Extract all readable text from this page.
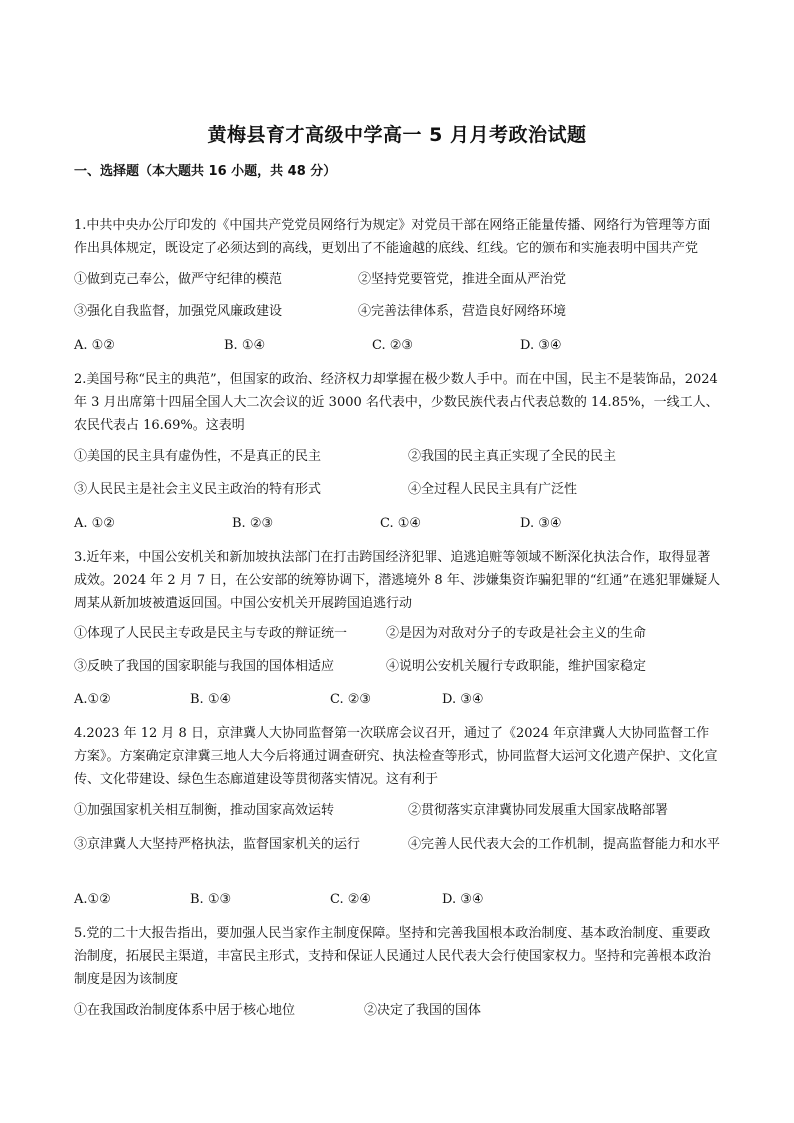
黄梅县育才高级中学高一 5 月月考政治试题
一、选择题（本大题共 16 小题，共 48 分）
1.中共中央办公厅印发的《中国共产党党员网络行为规定》对党员干部在网络正能量传播、网络行为管理等方面作出具体规定，既设定了必须达到的高线，更划出了不能逾越的底线、红线。它的颁布和实施表明中国共产党
①做到克己奉公，做严守纪律的模范	②坚持党要管党，推进全面从严治党
③强化自我监督，加强党风廉政建设	④完善法律体系，营造良好网络环境
A. ①②	B. ①④	C. ②③	D. ③④
2.美国号称“民主的典范”，但国家的政治、经济权力却掌握在极少数人手中。而在中国，民主不是装饰品，2024 年 3 月出席第十四届全国人大二次会议的近 3000 名代表中，少数民族代表占代表总数的 14.85%，一线工人、农民代表占 16.69%。这表明
①美国的民主具有虚伪性，不是真正的民主	②我国的民主真正实现了全民的民主
③人民民主是社会主义民主政治的特有形式	④全过程人民民主具有广泛性
A. ①②	B. ②③	C. ①④	D. ③④
3.近年来，中国公安机关和新加坡执法部门在打击跨国经济犯罪、追逃追赃等领域不断深化执法合作，取得显著成效。2024 年 2 月 7 日，在公安部的统筹协调下，潜逃境外 8 年、涉嫌集资诈骗犯罪的“红通”在逃犯罪嫌疑人周某从新加坡被遣返回国。中国公安机关开展跨国追逃行动
①体现了人民民主专政是民主与专政的辩证统一	②是因为对敌对分子的专政是社会主义的生命
③反映了我国的国家职能与我国的国体相适应	④说明公安机关履行专政职能，维护国家稳定
A.①②	B. ①④	C. ②③	D. ③④
4.2023 年 12 月 8 日，京津冀人大协同监督第一次联席会议召开，通过了《2024 年京津冀人大协同监督工作方案》。方案确定京津冀三地人大今后将通过调查研究、执法检查等形式，协同监督大运河文化遗产保护、文化宣传、文化带建设、绿色生态廊道建设等贯彻落实情况。这有利于
①加强国家机关相互制衡，推动国家高效运转	②贯彻落实京津冀协同发展重大国家战略部署
③京津冀人大坚持严格执法，监督国家机关的运行	④完善人民代表大会的工作机制，提高监督能力和水平
A.①②	B. ①③	C. ②④	D. ③④
5.党的二十大报告指出，要加强人民当家作主制度保障。坚持和完善我国根本政治制度、基本政治制度、重要政治制度，拓展民主渠道，丰富民主形式，支持和保证人民通过人民代表大会行使国家权力。坚持和完善根本政治制度是因为该制度
①在我国政治制度体系中居于核心地位	②决定了我国的国体
